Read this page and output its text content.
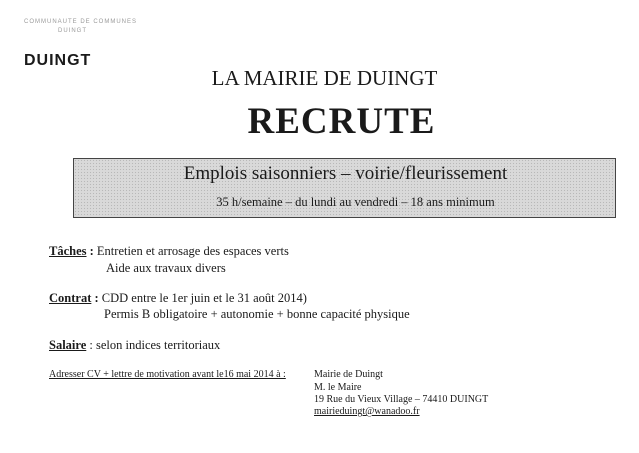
COMMUNAUTE DE COMMUNES
DUINGT
DUINGT
LA MAIRIE DE DUINGT
RECRUTE
Emplois saisonniers – voirie/fleurissement
35 h/semaine – du lundi au vendredi – 18 ans minimum
Tâches : Entretien et arrosage des espaces verts
Aide aux travaux divers
Contrat : CDD entre le 1er juin et le 31 août 2014)
Permis B obligatoire + autonomie + bonne capacité physique
Salaire : selon indices territoriaux
Adresser CV + lettre de motivation avant le16 mai 2014 à :	Mairie de Duingt
M. le Maire
19 Rue du Vieux Village – 74410 DUINGT
mairieduingt@wanadoo.fr
